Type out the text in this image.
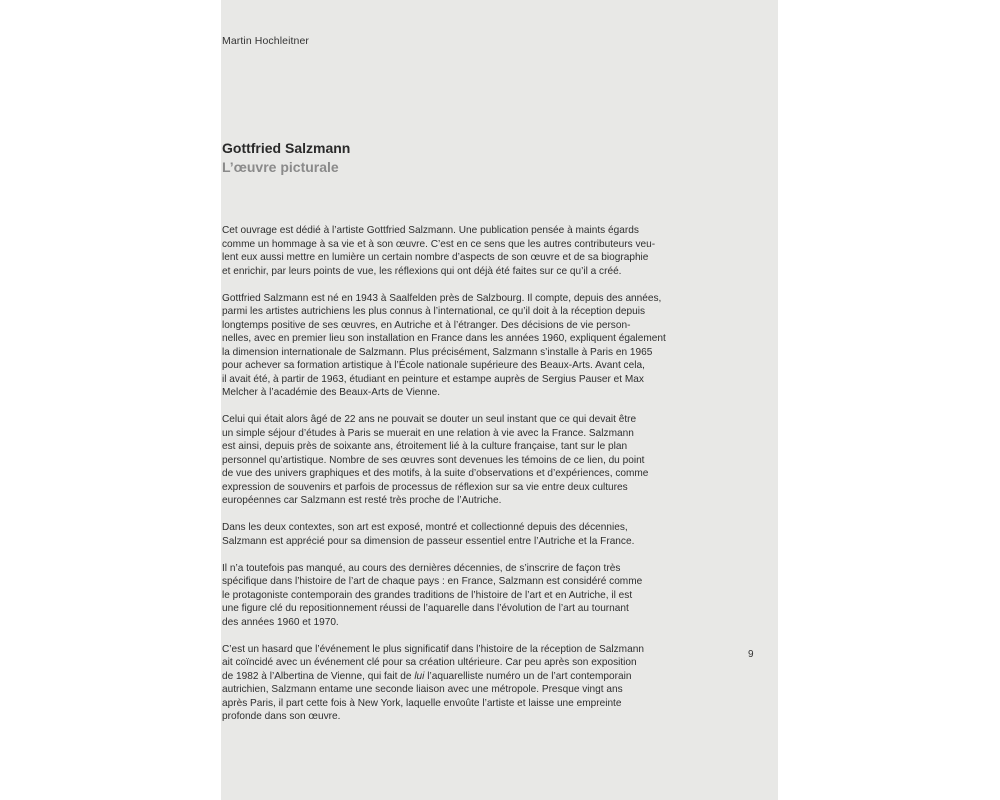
Martin Hochleitner
Gottfried Salzmann
L’œuvre picturale

Cet ouvrage est dédié à l’artiste Gottfried Salzmann. Une publication pensée à maints égards
comme un hommage à sa vie et à son œuvre. C’est en ce sens que les autres contributeurs veu-
lent eux aussi mettre en lumière un certain nombre d’aspects de son œuvre et de sa biographie
et enrichir, par leurs points de vue, les réflexions qui ont déjà été faites sur ce qu’il a créé.

Gottfried Salzmann est né en 1943 à Saalfelden près de Salzbourg. Il compte, depuis des années,
parmi les artistes autrichiens les plus connus à l’international, ce qu’il doit à la réception depuis
longtemps positive de ses œuvres, en Autriche et à l’étranger. Des décisions de vie person-
nelles, avec en premier lieu son installation en France dans les années 1960, expliquent également
la dimension internationale de Salzmann. Plus précisément, Salzmann s’installe à Paris en 1965
pour achever sa formation artistique à l’École nationale supérieure des Beaux-Arts. Avant cela,
il avait été, à partir de 1963, étudiant en peinture et estampe auprès de Sergius Pauser et Max
Melcher à l’académie des Beaux-Arts de Vienne.

Celui qui était alors âgé de 22 ans ne pouvait se douter un seul instant que ce qui devait être
un simple séjour d’études à Paris se muerait en une relation à vie avec la France. Salzmann
est ainsi, depuis près de soixante ans, étroitement lié à la culture française, tant sur le plan
personnel qu’artistique. Nombre de ses œuvres sont devenues les témoins de ce lien, du point
de vue des univers graphiques et des motifs, à la suite d’observations et d’expériences, comme
expression de souvenirs et parfois de processus de réflexion sur sa vie entre deux cultures
européennes car Salzmann est resté très proche de l’Autriche.

Dans les deux contextes, son art est exposé, montré et collectionné depuis des décennies,
Salzmann est apprécié pour sa dimension de passeur essentiel entre l’Autriche et la France.

Il n’a toutefois pas manqué, au cours des dernières décennies, de s’inscrire de façon très
spécifique dans l’histoire de l’art de chaque pays : en France, Salzmann est considéré comme
le protagoniste contemporain des grandes traditions de l’histoire de l’art et en Autriche, il est
une figure clé du repositionnement réussi de l’aquarelle dans l’évolution de l’art au tournant
des années 1960 et 1970.

C’est un hasard que l’événement le plus significatif dans l’histoire de la réception de Salzmann
ait coïncidé avec un événement clé pour sa création ultérieure. Car peu après son exposition
de 1982 à l’Albertina de Vienne, qui fait de lui l’aquarelliste numéro un de l’art contemporain
autrichien, Salzmann entame une seconde liaison avec une métropole. Presque vingt ans
après Paris, il part cette fois à New York, laquelle envoûte l’artiste et laisse une empreinte
profonde dans son œuvre.

9
